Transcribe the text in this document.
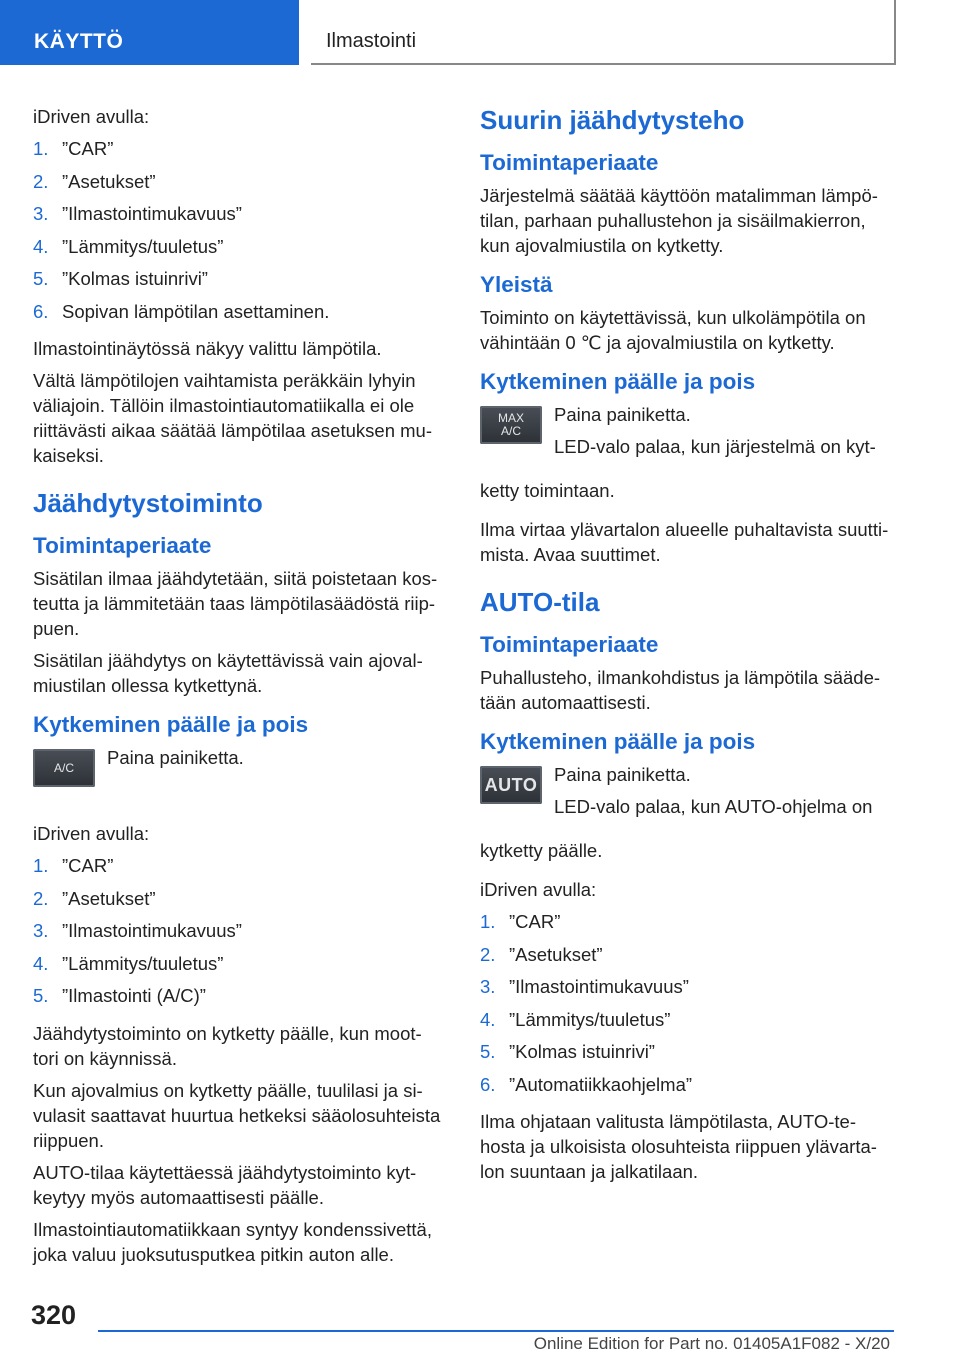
KÄYTTÖ	Ilmastointi

iDriven avulla:

1. ”CAR”
2. ”Asetukset”
3. ”Ilmastointimukavuus”
4. ”Lämmitys/tuuletus”
5. ”Kolmas istuinrivi”
6. Sopivan lämpötilan asettaminen.

Ilmastointinäytössä näkyy valittu lämpötila.

Vältä lämpötilojen vaihtamista peräkkäin lyhyin väliajoin. Tällöin ilmastointiautomatiikalla ei ole riittävästi aikaa säätää lämpötilaa asetuksen mu‐ kaiseksi.

Jäähdytystoiminto
Toimintaperiaate

Sisätilan ilmaa jäähdytetään, siitä poistetaan kos‐ teutta ja lämmitetään taas lämpötilasäädöstä riip‐ puen.

Sisätilan jäähdytys on käytettävissä vain ajoval‐ miustilan ollessa kytkettynä.

Kytkeminen päälle ja pois
A/C Paina painiketta.

iDriven avulla:

1. ”CAR”
2. ”Asetukset”
3. ”Ilmastointimukavuus”
4. ”Lämmitys/tuuletus”
5. ”Ilmastointi (A/C)”

Jäähdytystoiminto on kytketty päälle, kun moot‐ tori on käynnissä.

Kun ajovalmius on kytketty päälle, tuulilasi ja si‐ vulasit saattavat huurtua hetkeksi sääolosuhteista riippuen.

AUTO-tilaa käytettäessä jäähdytystoiminto kyt‐ keytyy myös automaattisesti päälle.

Ilmastointiautomatiikkaan syntyy kondenssivettä, joka valuu juoksutusputkea pitkin auton alle.

Suurin jäähdytysteho
Toimintaperiaate

Järjestelmä säätää käyttöön matalimman lämpö‐ tilan, parhaan puhallustehon ja sisäilmakierron, kun ajovalmiustila on kytketty.

Yleistä

Toiminto on käytettävissä, kun ulkolämpötila on vähintään 0 ℃ ja ajovalmiustila on kytketty.

Kytkeminen päälle ja pois
MAX
A/C

Paina painiketta.

LED-valo palaa, kun järjestelmä on kyt‐

ketty toimintaan.

Ilma virtaa ylävartalon alueelle puhaltavista suutti‐ mista. Avaa suuttimet.

AUTO-tila
Toimintaperiaate

Puhallusteho, ilmankohdistus ja lämpötila sääde‐ tään automaattisesti.

Kytkeminen päälle ja pois
AUTO Paina painiketta.

LED-valo palaa, kun AUTO-ohjelma on

kytketty päälle.

iDriven avulla:

1. ”CAR”
2. ”Asetukset”
3. ”Ilmastointimukavuus”
4. ”Lämmitys/tuuletus”
5. ”Kolmas istuinrivi”
6. ”Automatiikkaohjelma”

Ilma ohjataan valitusta lämpötilasta, AUTO-te‐ hosta ja ulkoisista olosuhteista riippuen ylävarta‐ lon suuntaan ja jalkatilaan.

320
Online Edition for Part no. 01405A1F082 - X/20
